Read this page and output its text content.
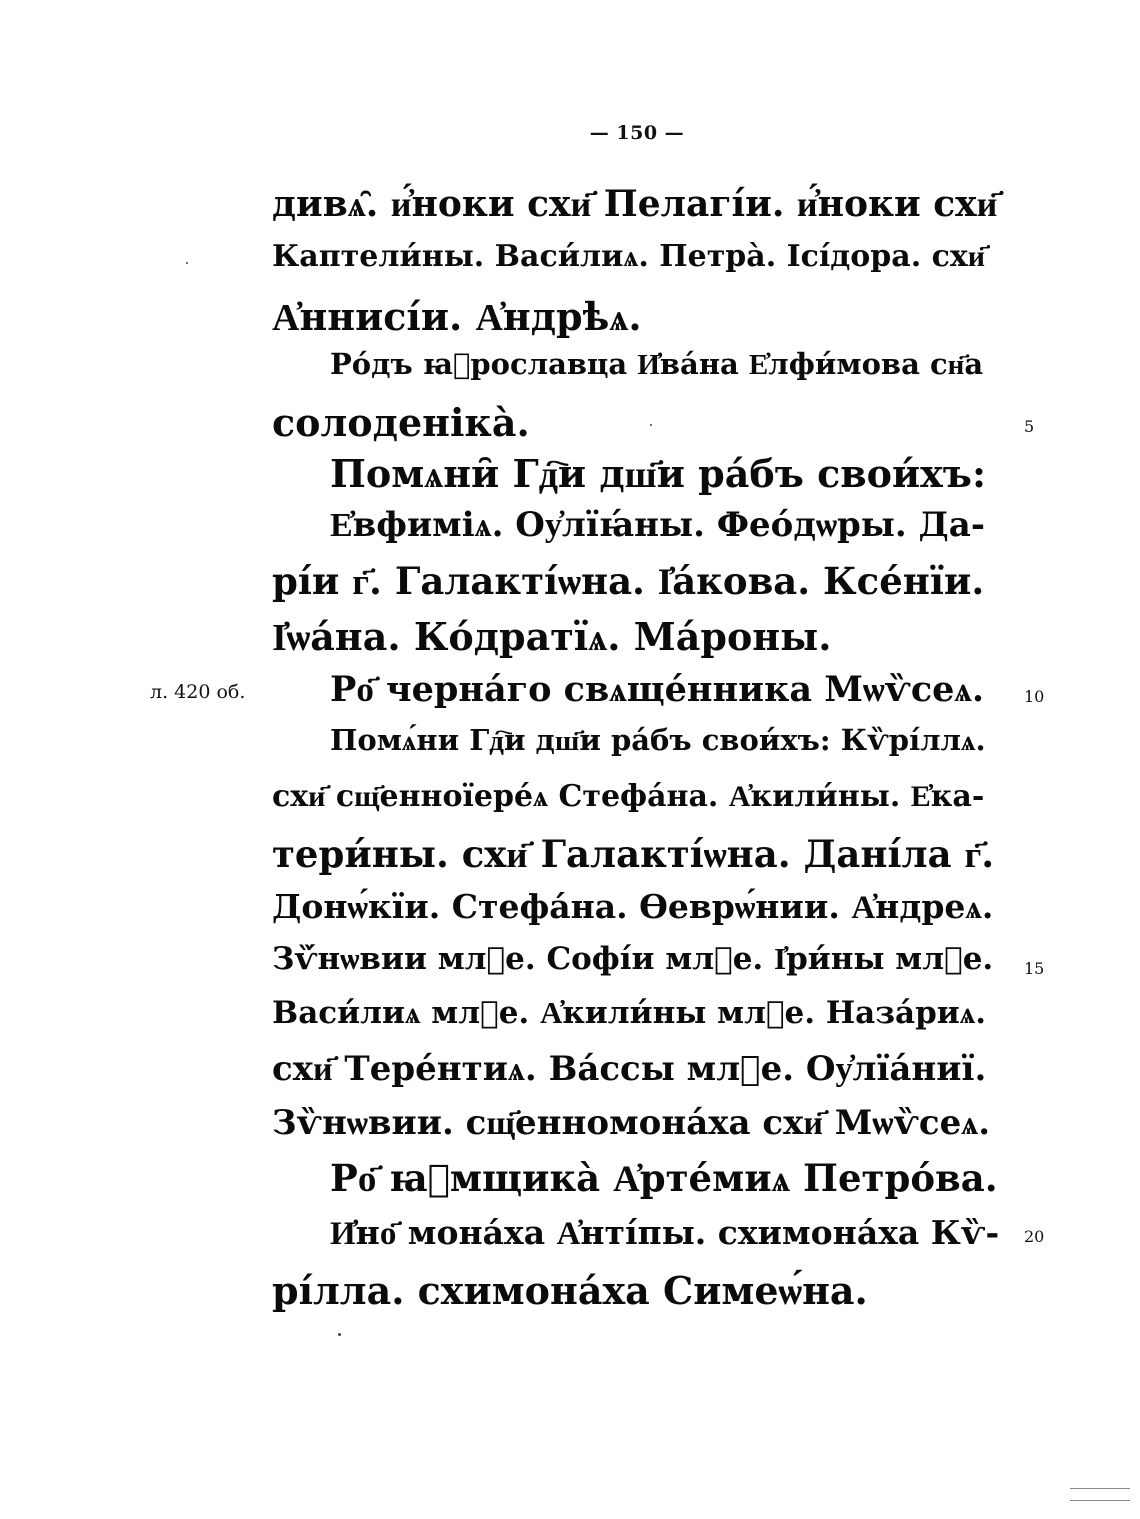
— 150 —
л. 420 об.
дивѧ̑. и҆́ноки схи҃ Пелагі́и. и҆́ноки схи҃
Каптели́ны. Васи́лиѧ. Петра̀. Ісі́дора. схи҃
А҆ннисі́и. А҆ндрѣѧ.
Ро́дъ ꙗ҆рославца И҆ва́на Е҆лфи́мова сн҃а
солоденіка̀.
Помѧни̑ Гд҇и дш҃и ра́бъ свои́хъ:
Е҆вфиміѧ. Оу҆лїꙗ́ны. Фео́дѡры. Да-
рі́и г҃. Галакті́ѡна. І҆а́кова. Ксе́нїи.
І҆ѡа́на. Ко́дратїѧ. Ма́роны.
Ро҃ черна́го свѧще́нника Мѡѷсеѧ.
Помѧ́ни Гд҇и дш҃и ра́бъ свои́хъ: Кѷрі́ллѧ.
схи҃ сщ҃енноїере́ѧ Стефа́на. А҆кили́ны. Е҆ка-
тери́ны. схи҃ Галакті́ѡна. Дані́ла г҃.
Донѡ́кїи. Стефа́на. Ѳеврѡ́нии. А҆ндреѧ.
Зѷ́нѡвии млⷣе. Софі́и млⷣе. І҆ри́ны млⷣе.
Васи́лиѧ млⷣе. А҆кили́ны млⷣе. Наза́риѧ.
схи҃ Тере́нтиѧ. Ва́ссы млⷣе. Оу҆лїа́ниї.
Зѷнѡвии. сщ҃енномона́ха схи҃ Мѡѷсеѧ.
Ро҃ ꙗ҆мщика̀ А҆рте́миѧ Петро́ва.
И҆но҃ мона́ха А҆нті́пы. схимона́ха Кѷ-
рі́лла. схимона́ха Симеѡ́на.
5
10
15
20
